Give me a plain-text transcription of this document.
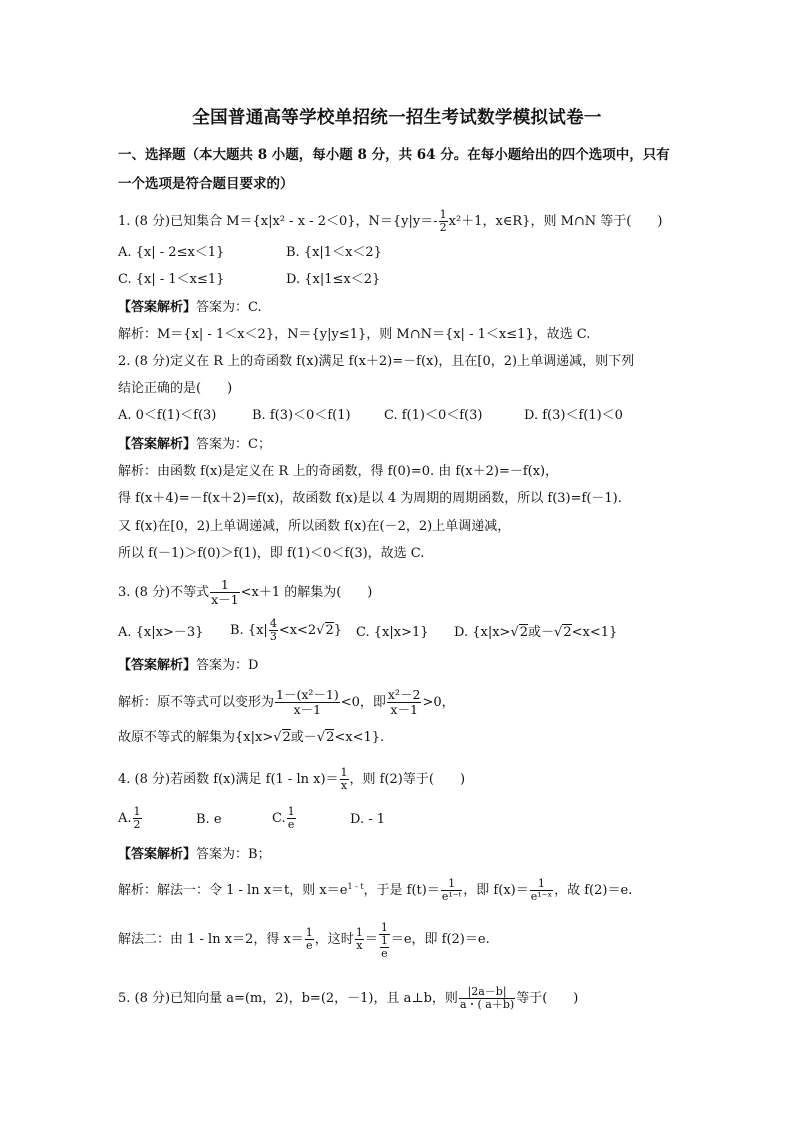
全国普通高等学校单招统一招生考试数学模拟试卷一
一、选择题（本大题共 8 小题，每小题 8 分，共 64 分。在每小题给出的四个选项中，只有
一个选项是符合题目要求的）
1. (8 分)已知集合 M＝{x|x² - x - 2＜0}，$N=\{y|y=- \frac{1}{2} x^2+1$，x∈R}，则 M∩N 等于(　　)
A. {x| - 2≤x＜1}	B. {x|1＜x＜2}
C. {x| - 1＜x≤1}	D. {x|1≤x＜2}
【答案解析】答案为：C.
解析：M＝{x| - 1＜x＜2}，N＝{y|y≤1}，则 M∩N＝{x| - 1＜x≤1}，故选 C.
2. (8 分)定义在 R 上的奇函数 f(x)满足 f(x＋2)=－f(x)，且在[0，2)上单调递减，则下列
结论正确的是(　　)
A. 0＜f(1)＜f(3)	B. f(3)＜0＜f(1)	C. f(1)＜0＜f(3)	D. f(3)＜f(1)＜0
【答案解析】答案为：C；
解析：由函数 f(x)是定义在 R 上的奇函数，得 f(0)=0. 由 f(x＋2)=－f(x)，
得 f(x＋4)=－f(x＋2)=f(x)，故函数 f(x)是以 4 为周期的周期函数，所以 f(3)=f(－1).
又 f(x)在[0，2)上单调递减，所以函数 f(x)在(－2，2)上单调递减，
所以 f(－1)＞f(0)＞f(1)，即 f(1)＜0＜f(3)，故选 C.
3. (8 分)不等式 $\frac{1}{x-1} <x+1$ 的解集为(　　)
A. {x|x>－3} B. $\{x| \frac{4}{3} <x<2√2\}$ C. {x|x>1} D. {x|x>√2或－√2<x<1}
【答案解析】答案为：D
解析：原不等式可以变形为 $\frac{\text{1－(x²－1)}}{x-1} <0$，即 $\frac{\text{x²－2}}{x-1} >0$，
故原不等式的解集为{x|x>√2或－√2<x<1}.
4. (8 分)若函数 f(x)满足 $f(1 - \ln x)= \frac{1}{x}$ ，则 f(2)等于(　　)
A. $\frac{1}{2}$	B. e	C. $\frac{1}{e}$	D. - 1
【答案解析】答案为：B；
解析：解法一：令 1 - ln x＝t，则 $x=e^{1 - t}$，于是 $f(t)= \frac{1}{\text{e¹⁻ᵗ}}$ ，即 $f(x)= \frac{1}{\text{e¹⁻ˣ}}$ ，故 f(2)＝e.
解法二：由 1 - ln x＝2，得 $x= \frac{1}{e}$ ，这时 $\frac{1}{x} = 1$
1
e ＝e，即 f(2)＝e.
5. (8 分)已知向量 a=(m，2)，b=(2，－1)，且 a⊥b，则 $\frac{|2a-b|}{a・( a+b)}$ 等于(　　)
